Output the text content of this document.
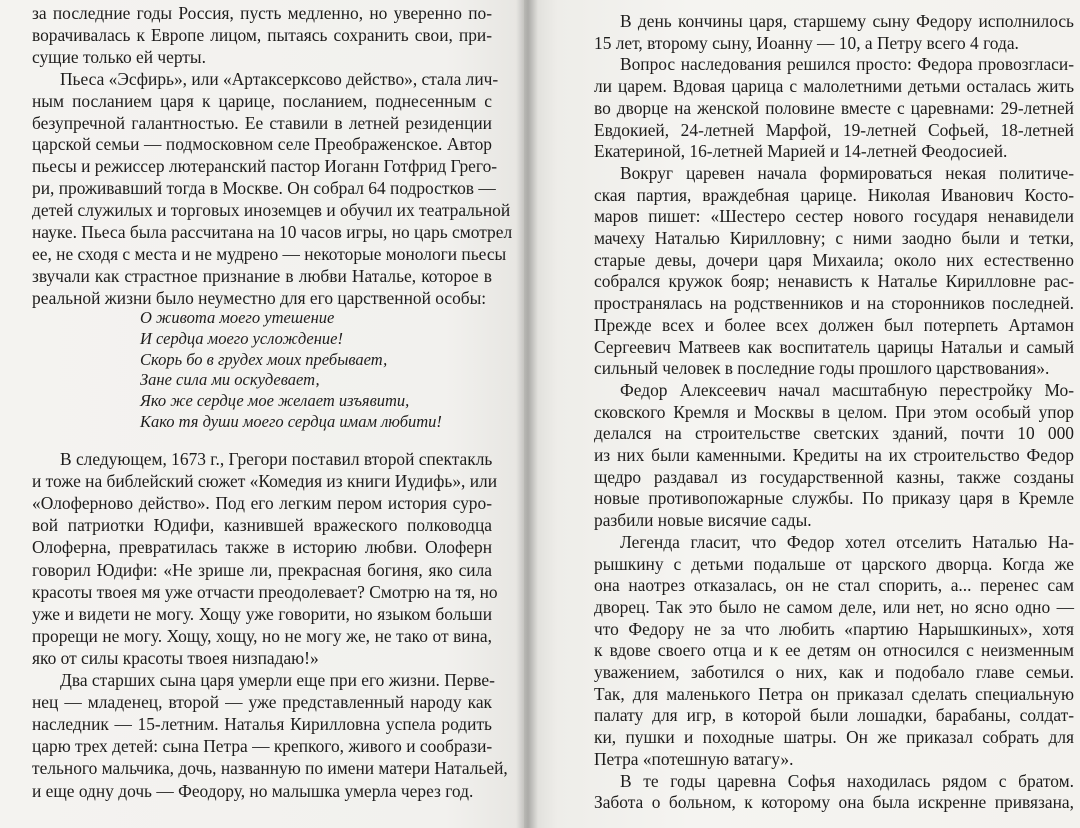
за последние годы Россия, пусть медленно, но уверенно по-
ворачивалась к Европе лицом, пытаясь сохранить свои, при-
сущие только ей черты.
Пьеса «Эсфирь», или «Артаксерксово действо», стала лич-
ным посланием царя к царице, посланием, поднесенным с
безупречной галантностью. Ее ставили в летней резиденции
царской семьи — подмосковном селе Преображенское. Автор
пьесы и режиссер лютеранский пастор Иоганн Готфрид Грего-
ри, проживавший тогда в Москве. Он собрал 64 подростков —
детей служилых и торговых иноземцев и обучил их театральной
науке. Пьеса была рассчитана на 10 часов игры, но царь смотрел
ее, не сходя с места и не мудрено — некоторые монологи пьесы
звучали как страстное признание в любви Наталье, которое в
реальной жизни было неуместно для его царственной особы:
О живота моего утешение
И сердца моего услождение!
Скорь бо в грудех моих пребывает,
Зане сила ми оскудевает,
Яко же сердце мое желает изъявити,
Како тя души моего сердца имам любити!
В следующем, 1673 г., Грегори поставил второй спектакль
и тоже на библейский сюжет «Комедия из книги Иудифь», или
«Олоферново действо». Под его легким пером история суро-
вой патриотки Юдифи, казнившей вражеского полководца
Олоферна, превратилась также в историю любви. Олоферн
говорил Юдифи: «Не зрише ли, прекрасная богиня, яко сила
красоты твоея мя уже отчасти преодолевает? Смотрю на тя, но
уже и видети не могу. Хощу уже говорити, но языком больши
прорещи не могу. Хощу, хощу, но не могу же, не тако от вина,
яко от силы красоты твоея низпадаю!»
Два старших сына царя умерли еще при его жизни. Первe-
нец — младенец, второй — уже представленный народу как
наследник — 15-летним. Наталья Кирилловна успела родить
царю трех детей: сына Петра — крепкого, живого и сообрази-
тельного мальчика, дочь, названную по имени матери Натальей,
и еще одну дочь — Феодору, но малышка умерла через год.
В день кончины царя, старшему сыну Федору исполнилось
15 лет, второму сыну, Иоанну — 10, а Петру всего 4 года.
Вопрос наследования решился просто: Федора провозгласи-
ли царем. Вдовая царица с малолетними детьми осталась жить
во дворце на женской половине вместе с царевнами: 29-летней
Евдокией, 24-летней Марфой, 19-летней Софьей, 18-летней
Екатериной, 16-летней Марией и 14-летней Феодосией.
Вокруг царевен начала формироваться некая политиче-
ская партия, враждебная царице. Николая Иванович Косто-
маров пишет: «Шестеро сестер нового государя ненавидели
мачеху Наталью Кирилловну; с ними заодно были и тетки,
старые девы, дочери царя Михаила; около них естественно
собрался кружок бояр; ненависть к Наталье Кирилловне рас-
пространялась на родственников и на сторонников последней.
Прежде всех и более всех должен был потерпеть Артамон
Сергеевич Матвеев как воспитатель царицы Натальи и самый
сильный человек в последние годы прошлого царствования».
Федор Алексеевич начал масштабную перестройку Мо-
сковского Кремля и Москвы в целом. При этом особый упор
делался на строительстве светских зданий, почти 10 000
из них были каменными. Кредиты на их строительство Федор
щедро раздавал из государственной казны, также созданы
новые противопожарные службы. По приказу царя в Кремле
разбили новые висячие сады.
Легенда гласит, что Федор хотел отселить Наталью На-
рышкину с детьми подальше от царского дворца. Когда же
она наотрез отказалась, он не стал спорить, а... перенес сам
дворец. Так это было не самом деле, или нет, но ясно одно —
что Федору не за что любить «партию Нарышкиных», хотя
к вдове своего отца и к ее детям он относился с неизменным
уважением, заботился о них, как и подобало главе семьи.
Так, для маленького Петра он приказал сделать специальную
палату для игр, в которой были лошадки, барабаны, солдат-
ки, пушки и походные шатры. Он же приказал собрать для
Петра «потешную ватагу».
В те годы царевна Софья находилась рядом с братом.
Забота о больном, к которому она была искренне привязана,
